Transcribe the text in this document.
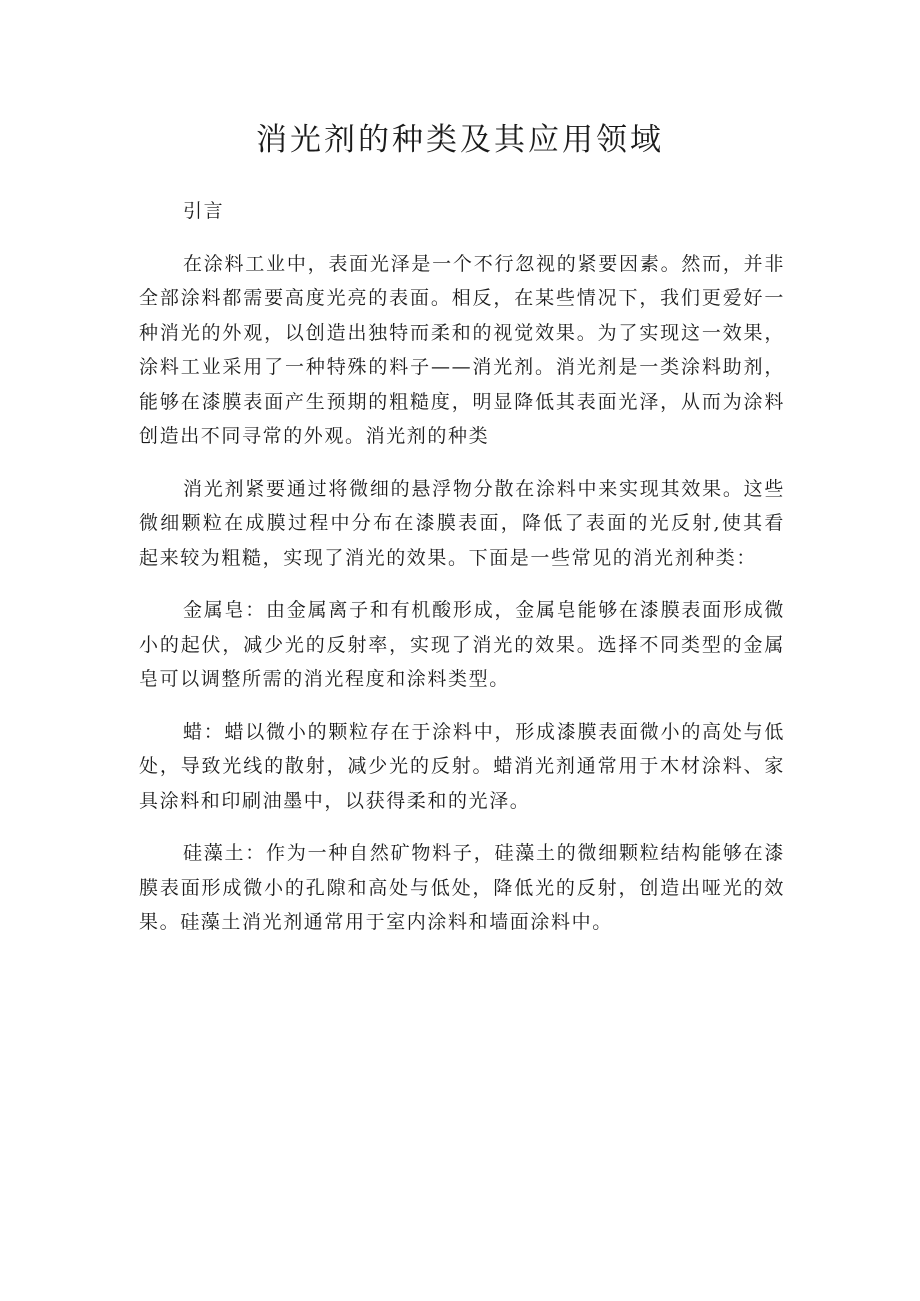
消光剂的种类及其应用领域

引言

在涂料工业中，表面光泽是一个不行忽视的紧要因素。然而，并非全部涂料都需要高度光亮的表面。相反，在某些情况下，我们更爱好一种消光的外观，以创造出独特而柔和的视觉效果。为了实现这一效果，涂料工业采用了一种特殊的料子——消光剂。消光剂是一类涂料助剂，能够在漆膜表面产生预期的粗糙度，明显降低其表面光泽，从而为涂料创造出不同寻常的外观。消光剂的种类

消光剂紧要通过将微细的悬浮物分散在涂料中来实现其效果。这些微细颗粒在成膜过程中分布在漆膜表面，降低了表面的光反射,使其看起来较为粗糙，实现了消光的效果。下面是一些常见的消光剂种类：

金属皂：由金属离子和有机酸形成，金属皂能够在漆膜表面形成微小的起伏，减少光的反射率，实现了消光的效果。选择不同类型的金属皂可以调整所需的消光程度和涂料类型。

蜡：蜡以微小的颗粒存在于涂料中，形成漆膜表面微小的高处与低处，导致光线的散射，减少光的反射。蜡消光剂通常用于木材涂料、家具涂料和印刷油墨中，以获得柔和的光泽。

硅藻土：作为一种自然矿物料子，硅藻土的微细颗粒结构能够在漆膜表面形成微小的孔隙和高处与低处，降低光的反射，创造出哑光的效果。硅藻土消光剂通常用于室内涂料和墙面涂料中。
